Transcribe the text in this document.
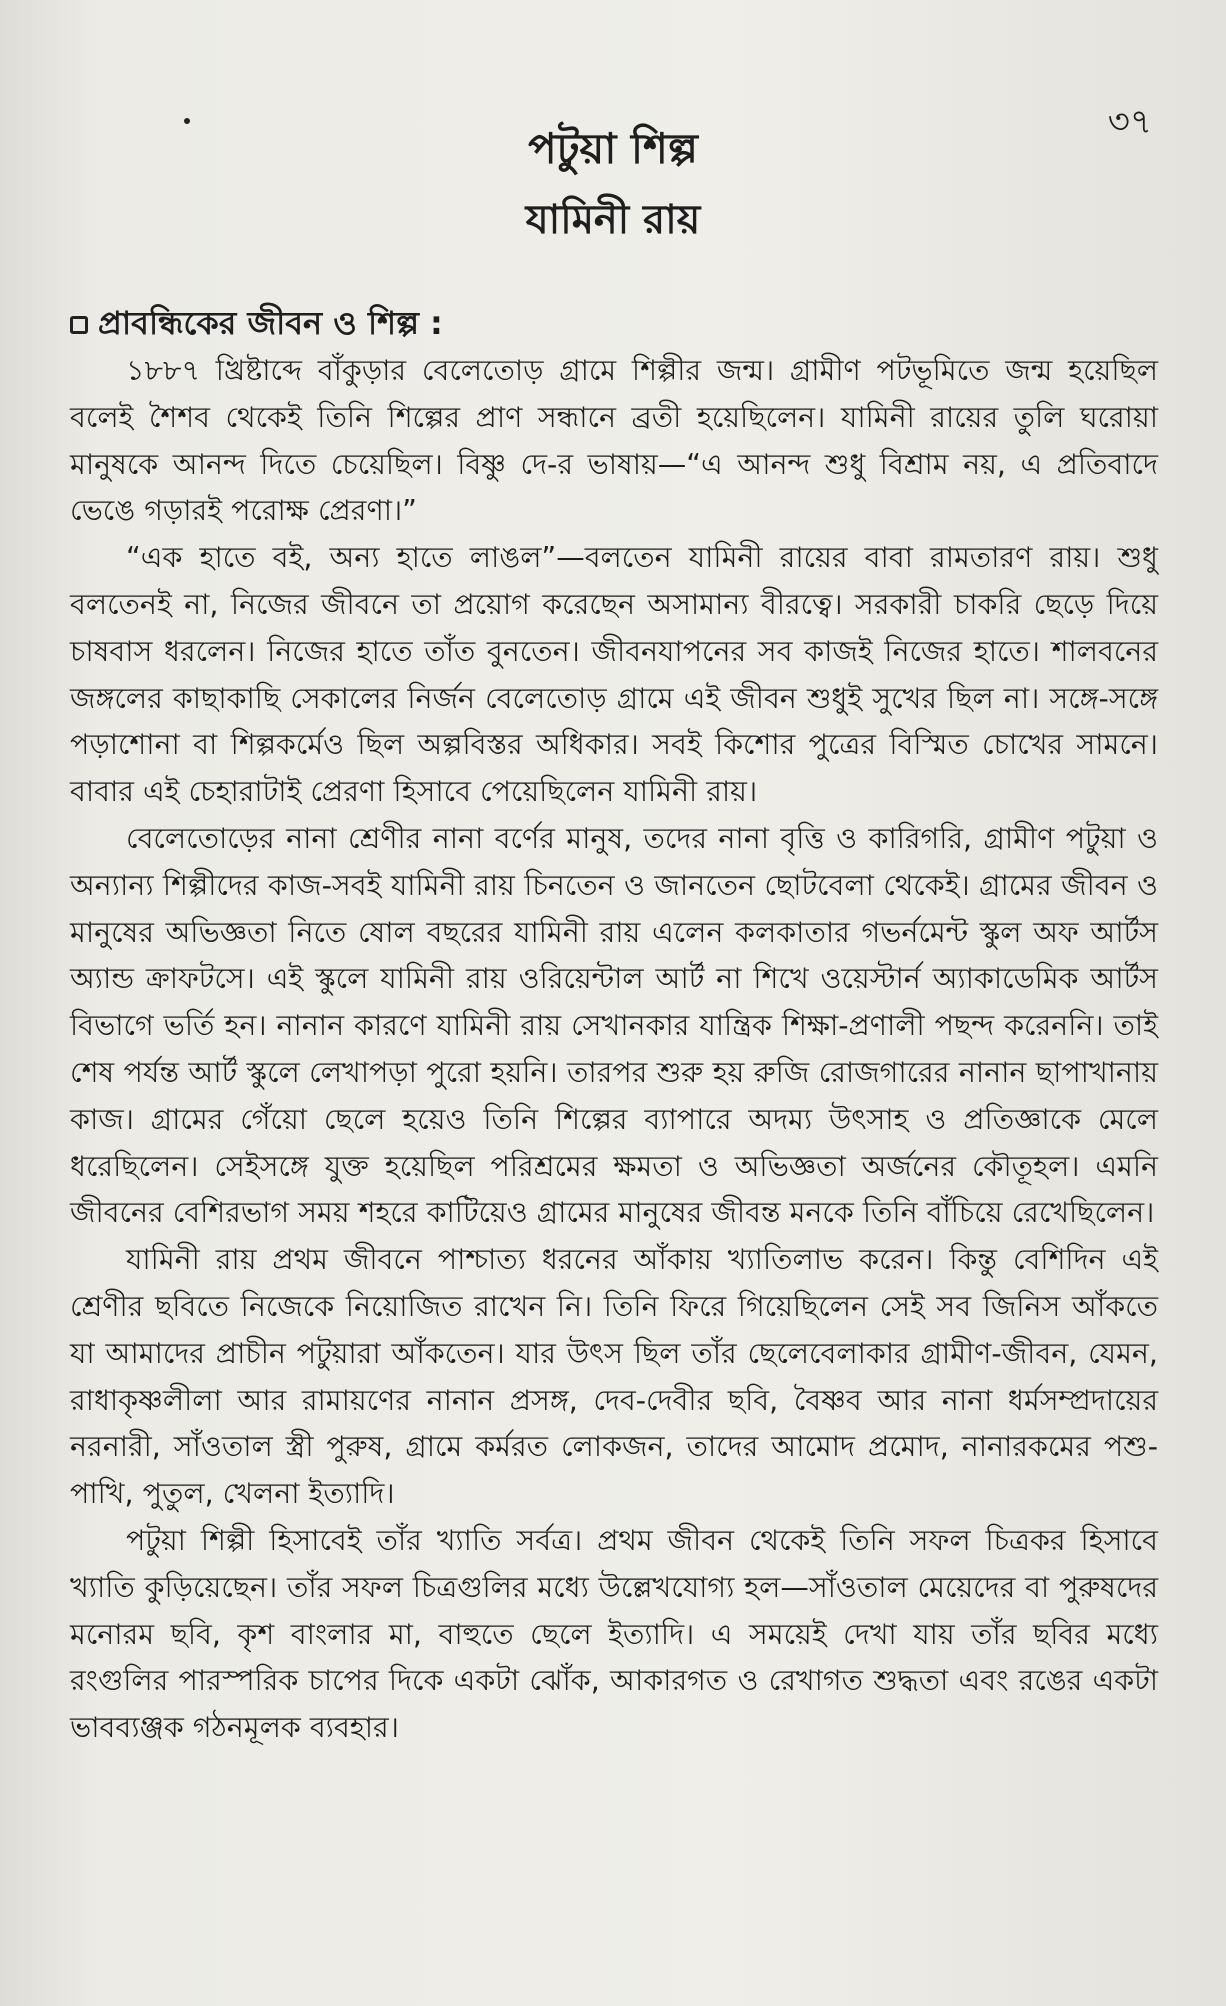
৩৭
পটুয়া শিল্প
যামিনী রায়
প্রাবন্ধিকের জীবন ও শিল্প :

১৮৮৭ খ্রিষ্টাব্দে বাঁকুড়ার বেলেতোড় গ্রামে শিল্পীর জন্ম। গ্রামীণ পটভূমিতে জন্ম হয়েছিল বলেই শৈশব থেকেই তিনি শিল্পের প্রাণ সন্ধানে ব্রতী হয়েছিলেন। যামিনী রায়ের তুলি ঘরোয়া মানুষকে আনন্দ দিতে চেয়েছিল। বিষ্ণু দে-র ভাষায়—“এ আনন্দ শুধু বিশ্রাম নয়, এ প্রতিবাদে ভেঙে গড়ারই পরোক্ষ প্রেরণা।”

“এক হাতে বই, অন্য হাতে লাঙল”—বলতেন যামিনী রায়ের বাবা রামতারণ রায়। শুধু বলতেনই না, নিজের জীবনে তা প্রয়োগ করেছেন অসামান্য বীরত্বে। সরকারী চাকরি ছেড়ে দিয়ে চাষবাস ধরলেন। নিজের হাতে তাঁত বুনতেন। জীবনযাপনের সব কাজই নিজের হাতে। শালবনের জঙ্গলের কাছাকাছি সেকালের নির্জন বেলেতোড় গ্রামে এই জীবন শুধুই সুখের ছিল না। সঙ্গে-সঙ্গে পড়াশোনা বা শিল্পকর্মেও ছিল অল্পবিস্তর অধিকার। সবই কিশোর পুত্রের বিস্মিত চোখের সামনে। বাবার এই চেহারাটাই প্রেরণা হিসাবে পেয়েছিলেন যামিনী রায়।

বেলেতোড়ের নানা শ্রেণীর নানা বর্ণের মানুষ, তদের নানা বৃত্তি ও কারিগরি, গ্রামীণ পটুয়া ও অন্যান্য শিল্পীদের কাজ-সবই যামিনী রায় চিনতেন ও জানতেন ছোটবেলা থেকেই। গ্রামের জীবন ও মানুষের অভিজ্ঞতা নিতে ষোল বছরের যামিনী রায় এলেন কলকাতার গভর্নমেন্ট স্কুল অফ আর্টস অ্যান্ড ক্রাফটসে। এই স্কুলে যামিনী রায় ওরিয়েন্টাল আর্ট না শিখে ওয়েস্টার্ন অ্যাকাডেমিক আর্টস বিভাগে ভর্তি হন। নানান কারণে যামিনী রায় সেখানকার যান্ত্রিক শিক্ষা-প্রণালী পছন্দ করেননি। তাই শেষ পর্যন্ত আর্ট স্কুলে লেখাপড়া পুরো হয়নি। তারপর শুরু হয় রুজি রোজগারের নানান ছাপাখানায় কাজ। গ্রামের গেঁয়ো ছেলে হয়েও তিনি শিল্পের ব্যাপারে অদম্য উৎসাহ ও প্রতিজ্ঞাকে মেলে ধরেছিলেন। সেইসঙ্গে যুক্ত হয়েছিল পরিশ্রমের ক্ষমতা ও অভিজ্ঞতা অর্জনের কৌতূহল। এমনি জীবনের বেশিরভাগ সময় শহরে কাটিয়েও গ্রামের মানুষের জীবন্ত মনকে তিনি বাঁচিয়ে রেখেছিলেন।

যামিনী রায় প্রথম জীবনে পাশ্চাত্য ধরনের আঁকায় খ্যাতিলাভ করেন। কিন্তু বেশিদিন এই শ্রেণীর ছবিতে নিজেকে নিয়োজিত রাখেন নি। তিনি ফিরে গিয়েছিলেন সেই সব জিনিস আঁকতে যা আমাদের প্রাচীন পটুয়ারা আঁকতেন। যার উৎস ছিল তাঁর ছেলেবেলাকার গ্রামীণ-জীবন, যেমন, রাধাকৃষ্ণলীলা আর রামায়ণের নানান প্রসঙ্গ, দেব-দেবীর ছবি, বৈষ্ণব আর নানা ধর্মসম্প্রদায়ের নরনারী, সাঁওতাল স্ত্রী পুরুষ, গ্রামে কর্মরত লোকজন, তাদের আমোদ প্রমোদ, নানারকমের পশু-পাখি, পুতুল, খেলনা ইত্যাদি।

পটুয়া শিল্পী হিসাবেই তাঁর খ্যাতি সর্বত্র। প্রথম জীবন থেকেই তিনি সফল চিত্রকর হিসাবে খ্যাতি কুড়িয়েছেন। তাঁর সফল চিত্রগুলির মধ্যে উল্লেখযোগ্য হল—সাঁওতাল মেয়েদের বা পুরুষদের মনোরম ছবি, কৃশ বাংলার মা, বাহুতে ছেলে ইত্যাদি। এ সময়েই দেখা যায় তাঁর ছবির মধ্যে রংগুলির পারস্পরিক চাপের দিকে একটা ঝোঁক, আকারগত ও রেখাগত শুদ্ধতা এবং রঙের একটা ভাবব্যঞ্জক গঠনমূলক ব্যবহার।
